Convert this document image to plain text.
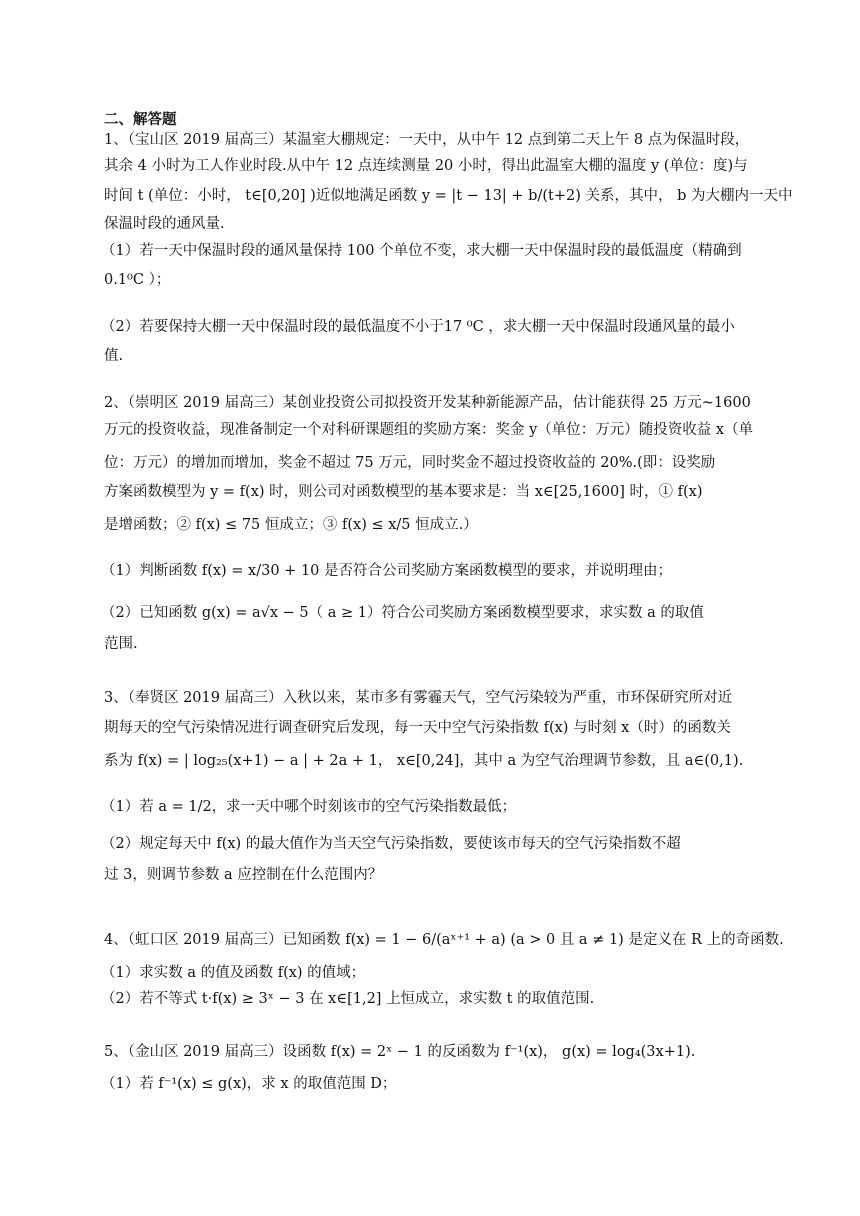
二、解答题
1、（宝山区 2019 届高三）某温室大棚规定：一天中，从中午 12 点到第二天上午 8 点为保温时段，
其余 4 小时为工人作业时段.从中午 12 点连续测量 20 小时，得出此温室大棚的温度 y (单位：度)与
时间 t (单位：小时， t∈[0,20] )近似地满足函数 y = |t − 13| + b/(t+2) 关系，其中， b 为大棚内一天中
保温时段的通风量.
（1）若一天中保温时段的通风量保持 100 个单位不变，求大棚一天中保温时段的最低温度（精确到
0.1⁰C ）；
（2）若要保持大棚一天中保温时段的最低温度不小于17 ⁰C ，求大棚一天中保温时段通风量的最小
值.
2、（崇明区 2019 届高三）某创业投资公司拟投资开发某种新能源产品，估计能获得 25 万元~1600
万元的投资收益，现准备制定一个对科研课题组的奖励方案：奖金 y（单位：万元）随投资收益 x（单
位：万元）的增加而增加，奖金不超过 75 万元，同时奖金不超过投资收益的 20%.(即：设奖励
方案函数模型为 y = f(x) 时，则公司对函数模型的基本要求是：当 x∈[25,1600] 时，① f(x)
是增函数；② f(x) ≤ 75 恒成立；③ f(x) ≤ x/5 恒成立.）
（1）判断函数 f(x) = x/30 + 10 是否符合公司奖励方案函数模型的要求，并说明理由；
（2）已知函数 g(x) = a√x − 5（ a ≥ 1）符合公司奖励方案函数模型要求，求实数 a 的取值
范围.
3、（奉贤区 2019 届高三）入秋以来，某市多有雾霾天气，空气污染较为严重，市环保研究所对近
期每天的空气污染情况进行调查研究后发现，每一天中空气污染指数 f(x) 与时刻 x（时）的函数关
系为 f(x) = | log₂₅(x+1) − a | + 2a + 1， x∈[0,24]，其中 a 为空气治理调节参数，且 a∈(0,1).
（1）若 a = 1/2，求一天中哪个时刻该市的空气污染指数最低；
（2）规定每天中 f(x) 的最大值作为当天空气污染指数，要使该市每天的空气污染指数不超
过 3，则调节参数 a 应控制在什么范围内？
4、（虹口区 2019 届高三）已知函数 f(x) = 1 − 6/(aˣ⁺¹ + a) (a > 0 且 a ≠ 1) 是定义在 R 上的奇函数.
（1）求实数 a 的值及函数 f(x) 的值域；
（2）若不等式 t·f(x) ≥ 3ˣ − 3 在 x∈[1,2] 上恒成立，求实数 t 的取值范围.
5、（金山区 2019 届高三）设函数 f(x) = 2ˣ − 1 的反函数为 f⁻¹(x)， g(x) = log₄(3x+1).
（1）若 f⁻¹(x) ≤ g(x)，求 x 的取值范围 D；
